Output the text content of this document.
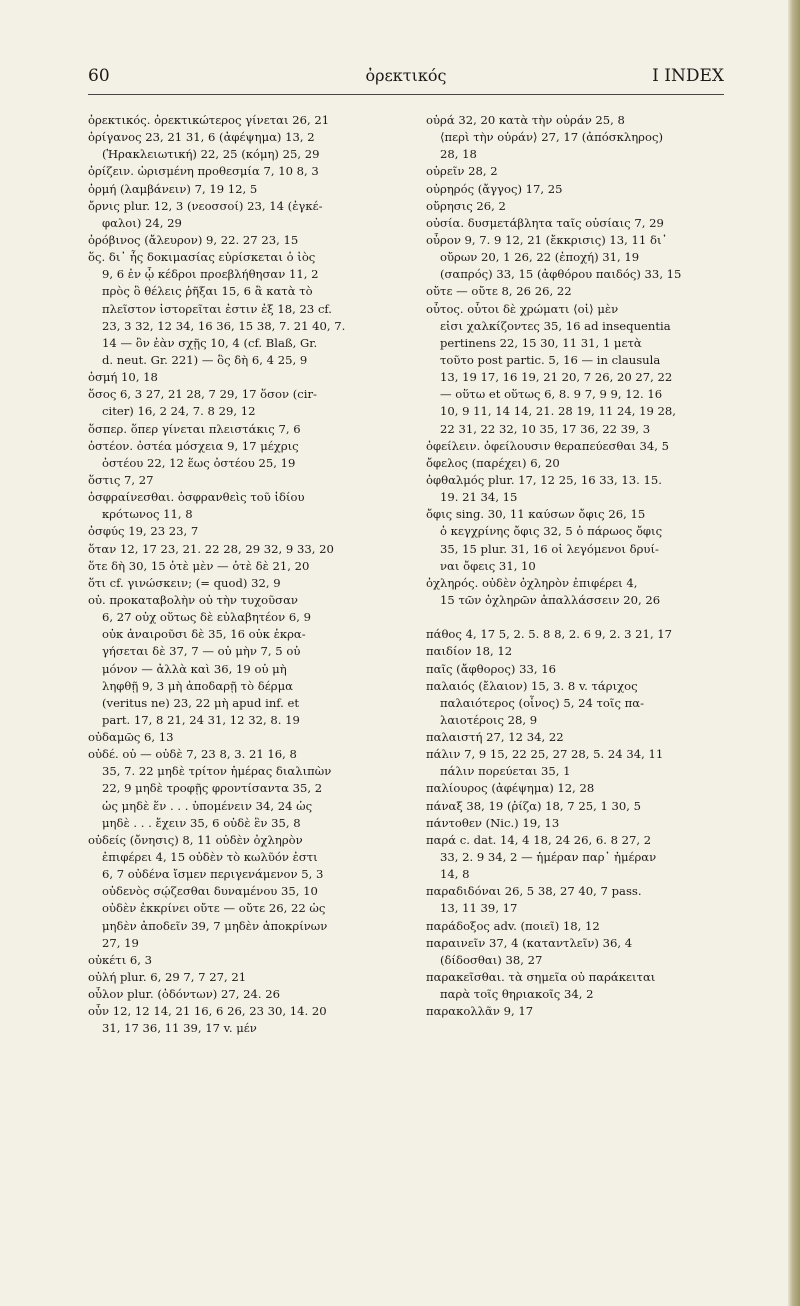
60	ὀρεκτικός	I INDEX
ὀρεκτικός. ὀρεκτικώτερος γίνεται 26, 21
ὀρίγανος 23, 21 31, 6 (ἀφέψημα) 13, 2
(Ἡρακλειωτική) 22, 25 (κόμη) 25, 29
ὀρίζειν. ὡρισμένη προθεσμία 7, 10 8, 3
ὀρμή (λαμβάνειν) 7, 19 12, 5
ὄρνις plur. 12, 3 (νεοσσοί) 23, 14 (ἐγκέ-
φαλοι) 24, 29
ὀρόβινος (ἄλευρον) 9, 22. 27 23, 15
ὅς. δι᾽ ἧς δοκιμασίας εὑρίσκεται ὁ ἰὸς
9, 6 ἐν ᾧ κέδροι προεβλήθησαν 11, 2
πρὸς ὃ θέλεις ῥῆξαι 15, 6 ἃ κατὰ τὸ
πλεῖστον ἱστορεῖται ἐστιν ἐξ 18, 23 cf.
23, 3 32, 12 34, 16 36, 15 38, 7. 21 40, 7.
14 — ὃν ἐὰν σχῇς 10, 4 (cf. Blaß, Gr.
d. neut. Gr. 221) — ὃς δὴ 6, 4 25, 9
ὀσμή 10, 18
ὅσος 6, 3 27, 21 28, 7 29, 17 ὅσον (cir-
citer) 16, 2 24, 7. 8 29, 12
ὅσπερ. ὅπερ γίνεται πλειστάκις 7, 6
ὀστέον. ὀστέα μόσχεια 9, 17 μέχρις
ὀστέου 22, 12 ἕως ὀστέου 25, 19
ὅστις 7, 27
ὀσφραίνεσθαι. ὀσφρανθεὶς τοῦ ἰδίου
κρότωνος 11, 8
ὀσφύς 19, 23 23, 7
ὅταν 12, 17 23, 21. 22 28, 29 32, 9 33, 20
ὅτε δὴ 30, 15 ὁτὲ μὲν — ὁτὲ δὲ 21, 20
ὅτι cf. γινώσκειν; (= quod) 32, 9
οὐ. προκαταβολὴν οὐ τὴν τυχοῦσαν
6, 27 οὐχ οὕτως δὲ εὐλαβητέον 6, 9
οὐκ ἀναιροῦσι δὲ 35, 16 οὐκ ἐκρα-
γήσεται δὲ 37, 7 — οὐ μὴν 7, 5 οὐ
μόνον — ἀλλὰ καὶ 36, 19 οὐ μὴ
ληφθῇ 9, 3 μὴ ἀποδαρῇ τὸ δέρμα
(veritus ne) 23, 22 μὴ apud inf. et
part. 17, 8 21, 24 31, 12 32, 8. 19
οὐδαμῶς 6, 13
οὐδέ. οὐ — οὐδὲ 7, 23 8, 3. 21 16, 8
35, 7. 22 μηδὲ τρίτον ἡμέρας διαλιπὼν
22, 9 μηδὲ τροφῇς φροντίσαντα 35, 2
ὡς μηδὲ ἕν . . . ὑπομένειν 34, 24 ὡς
μηδὲ . . . ἔχειν 35, 6 οὐδὲ ἓν 35, 8
οὐδείς (ὄνησις) 8, 11 οὐδὲν ὀχληρὸν
ἐπιφέρει 4, 15 οὐδὲν τὸ κωλῦόν ἐστι
6, 7 οὐδένα ἴσμεν περιγενάμενον 5, 3
οὐδενὸς σῴζεσθαι δυναμένου 35, 10
οὐδὲν ἐκκρίνει οὔτε — οὔτε 26, 22 ὡς
μηδὲν ἀποδεῖν 39, 7 μηδὲν ἀποκρίνων
27, 19
οὐκέτι 6, 3
οὐλή plur. 6, 29 7, 7 27, 21
οὖλον plur. (ὀδόντων) 27, 24. 26
οὖν 12, 12 14, 21 16, 6 26, 23 30, 14. 20
31, 17 36, 11 39, 17 v. μέν
οὐρά 32, 20 κατὰ τὴν οὐράν 25, 8
⟨περὶ τὴν οὐράν⟩ 27, 17 (ἀπόσκληρος)
28, 18
οὐρεῖν 28, 2
οὐρηρός (ἄγγος) 17, 25
οὔρησις 26, 2
οὐσία. δυσμετάβλητα ταῖς οὐσίαις 7, 29
οὖρον 9, 7. 9 12, 21 (ἔκκρισις) 13, 11 δι᾽
οὔρων 20, 1 26, 22 (ἐποχή) 31, 19
(σαπρός) 33, 15 (ἀφθόρου παιδός) 33, 15
οὔτε — οὔτε 8, 26 26, 22
οὗτος. οὗτοι δὲ χρώματι ⟨οἱ⟩ μὲν
εἰσι χαλκίζοντες 35, 16 ad insequentia
pertinens 22, 15 30, 11 31, 1 μετὰ
τοῦτο post partic. 5, 16 — in clausula
13, 19 17, 16 19, 21 20, 7 26, 20 27, 22
— οὕτω et οὕτως 6, 8. 9 7, 9 9, 12. 16
10, 9 11, 14 14, 21. 28 19, 11 24, 19 28,
22 31, 22 32, 10 35, 17 36, 22 39, 3
ὀφείλειν. ὀφείλουσιν θεραπεύεσθαι 34, 5
ὄφελος (παρέχει) 6, 20
ὀφθαλμός plur. 17, 12 25, 16 33, 13. 15.
19. 21 34, 15
ὄφις sing. 30, 11 καύσων ὄφις 26, 15
ὁ κεγχρίνης ὄφις 32, 5 ὁ πάρωος ὄφις
35, 15 plur. 31, 16 οἱ λεγόμενοι δρυί-
ναι ὄφεις 31, 10
ὀχληρός. οὐδὲν ὀχληρὸν ἐπιφέρει 4,
15 τῶν ὀχληρῶν ἀπαλλάσσειν 20, 26
πάθος 4, 17 5, 2. 5. 8 8, 2. 6 9, 2. 3 21, 17
παιδίον 18, 12
παῖς (ἄφθορος) 33, 16
παλαιός (ἔλαιον) 15, 3. 8 v. τάριχος
παλαιότερος (οἶνος) 5, 24 τοῖς πα-
λαιοτέροις 28, 9
παλαιστή 27, 12 34, 22
πάλιν 7, 9 15, 22 25, 27 28, 5. 24 34, 11
πάλιν πορεύεται 35, 1
παλίουρος (ἀφέψημα) 12, 28
πάναξ 38, 19 (ῥίζα) 18, 7 25, 1 30, 5
πάντοθεν (Nic.) 19, 13
παρά c. dat. 14, 4 18, 24 26, 6. 8 27, 2
33, 2. 9 34, 2 — ἡμέραν παρ᾽ ἡμέραν
14, 8
παραδιδόναι 26, 5 38, 27 40, 7 pass.
13, 11 39, 17
παράδοξος adv. (ποιεῖ) 18, 12
παραινεῖν 37, 4 (καταντλεῖν) 36, 4
(δίδοσθαι) 38, 27
παρακεῖσθαι. τὰ σημεῖα οὐ παράκειται
παρὰ τοῖς θηριακοῖς 34, 2
παρακολλᾶν 9, 17
